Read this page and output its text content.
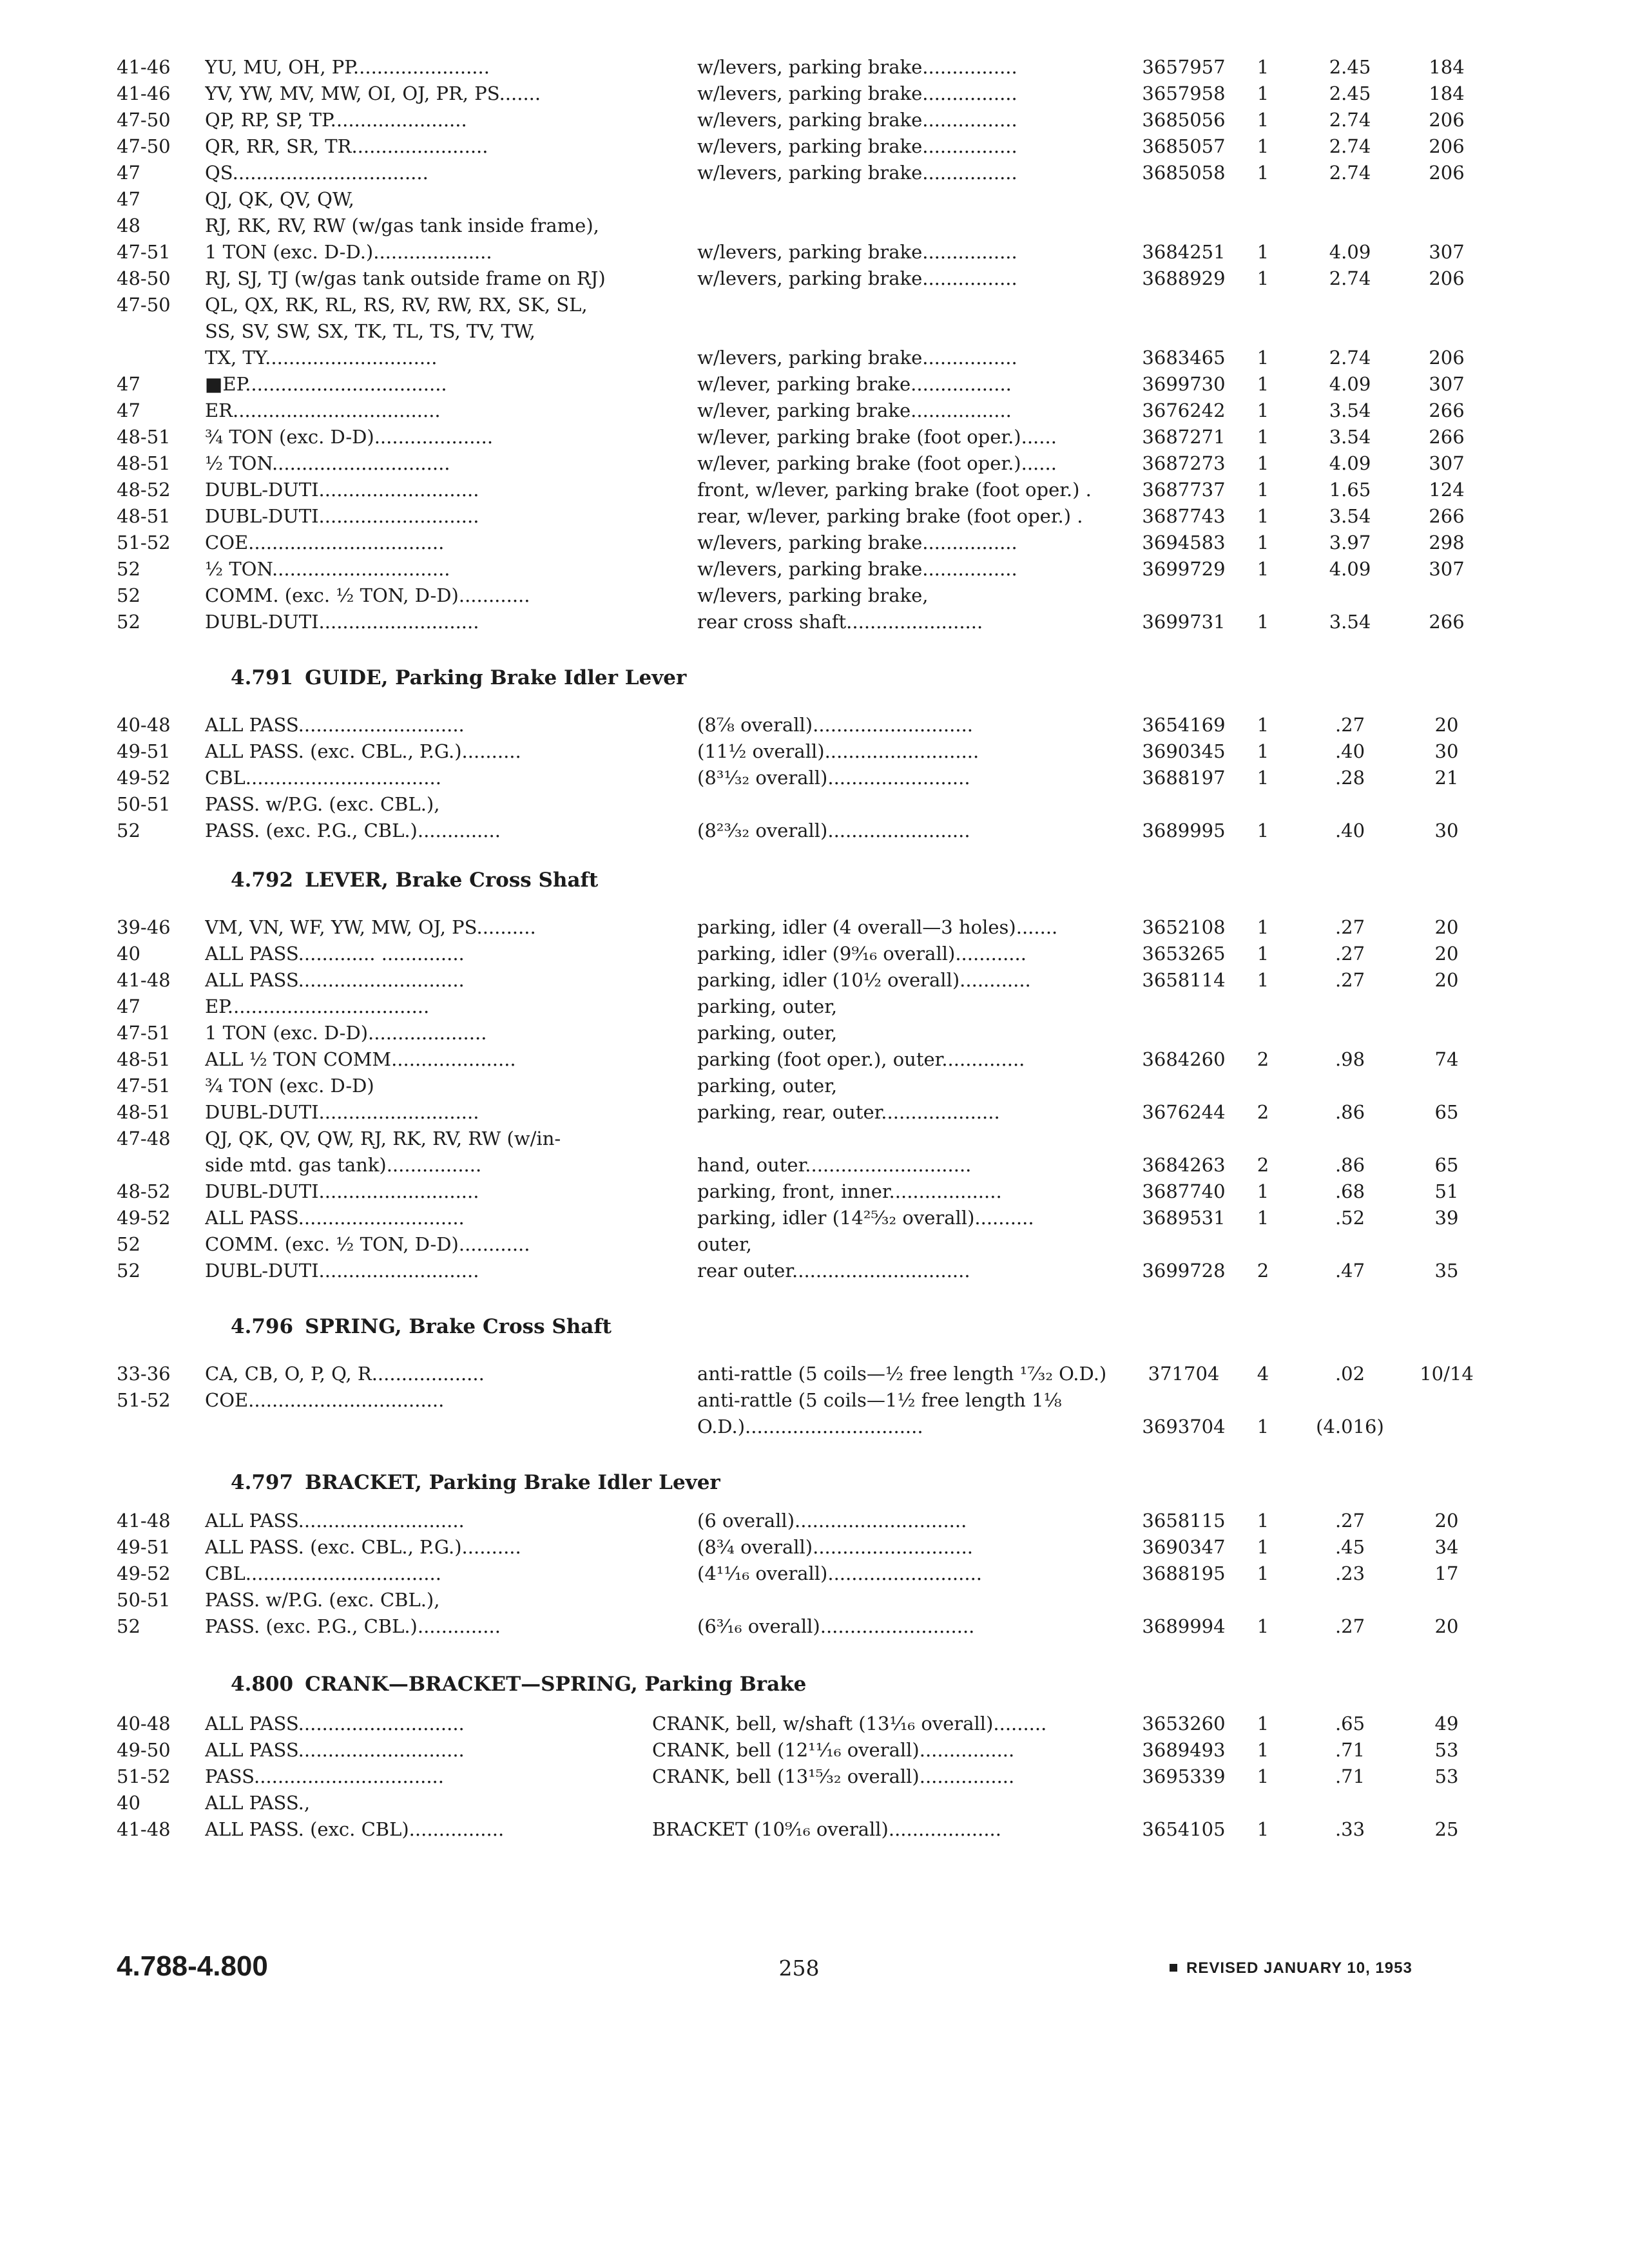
41-46	YU, MU, OH, PP.......................	w/levers, parking brake................	3657957	1	2.45	184
41-46	YV, YW, MV, MW, OI, OJ, PR, PS.......	w/levers, parking brake................	3657958	1	2.45	184
47-50	QP, RP, SP, TP.......................	w/levers, parking brake................	3685056	1	2.74	206
47-50	QR, RR, SR, TR.......................	w/levers, parking brake................	3685057	1	2.74	206
47	QS.................................	w/levers, parking brake................	3685058	1	2.74	206
47	QJ, QK, QV, QW,
48	RJ, RK, RV, RW (w/gas tank inside frame),
47-51	1 TON (exc. D-D.)....................	w/levers, parking brake................	3684251	1	4.09	307
48-50	RJ, SJ, TJ (w/gas tank outside frame on RJ)	w/levers, parking brake................	3688929	1	2.74	206
47-50	QL, QX, RK, RL, RS, RV, RW, RX, SK, SL,
SS, SV, SW, SX, TK, TL, TS, TV, TW,
TX, TY.............................	w/levers, parking brake................	3683465	1	2.74	206
47	■EP..................................	w/lever, parking brake.................	3699730	1	4.09	307
47	ER...................................	w/lever, parking brake.................	3676242	1	3.54	266
48-51	¾ TON (exc. D-D)....................	w/lever, parking brake (foot oper.)......	3687271	1	3.54	266
48-51	½ TON..............................	w/lever, parking brake (foot oper.)......	3687273	1	4.09	307
48-52	DUBL-DUTI...........................	front, w/lever, parking brake (foot oper.) .	3687737	1	1.65	124
48-51	DUBL-DUTI...........................	rear, w/lever, parking brake (foot oper.) .	3687743	1	3.54	266
51-52	COE.................................	w/levers, parking brake................	3694583	1	3.97	298
52	½ TON..............................	w/levers, parking brake................	3699729	1	4.09	307
52	COMM. (exc. ½ TON, D-D)............	w/levers, parking brake,
52	DUBL-DUTI...........................	rear cross shaft.......................	3699731	1	3.54	266
4.791 GUIDE, Parking Brake Idler Lever
40-48	ALL PASS............................	(8⅞ overall)...........................	3654169	1	.27	20
49-51	ALL PASS. (exc. CBL., P.G.)..........	(11½ overall)..........................	3690345	1	.40	30
49-52	CBL.................................	(8³¹⁄₃₂ overall)........................	3688197	1	.28	21
50-51	PASS. w/P.G. (exc. CBL.),
52	PASS. (exc. P.G., CBL.)..............	(8²³⁄₃₂ overall)........................	3689995	1	.40	30
4.792 LEVER, Brake Cross Shaft
39-46	VM, VN, WF, YW, MW, OJ, PS..........	parking, idler (4 overall—3 holes).......	3652108	1	.27	20
40	ALL PASS............. ..............	parking, idler (9⁹⁄₁₆ overall)............	3653265	1	.27	20
41-48	ALL PASS............................	parking, idler (10½ overall)............	3658114	1	.27	20
47	EP..................................	parking, outer,
47-51	1 TON (exc. D-D)....................	parking, outer,
48-51	ALL ½ TON COMM.....................	parking (foot oper.), outer..............	3684260	2	.98	74
47-51	¾ TON (exc. D-D)	parking, outer,
48-51	DUBL-DUTI...........................	parking, rear, outer....................	3676244	2	.86	65
47-48	QJ, QK, QV, QW, RJ, RK, RV, RW (w/in-
side mtd. gas tank)................	hand, outer............................	3684263	2	.86	65
48-52	DUBL-DUTI...........................	parking, front, inner...................	3687740	1	.68	51
49-52	ALL PASS............................	parking, idler (14²⁵⁄₃₂ overall)..........	3689531	1	.52	39
52	COMM. (exc. ½ TON, D-D)............	outer,
52	DUBL-DUTI...........................	rear outer..............................	3699728	2	.47	35
4.796 SPRING, Brake Cross Shaft
33-36	CA, CB, O, P, Q, R...................	anti-rattle (5 coils—½ free length ¹⁷⁄₃₂ O.D.)	371704	4	.02	10/14
51-52	COE.................................	anti-rattle (5 coils—1½ free length 1⅛
O.D.)..............................	3693704	1	(4.016)
4.797 BRACKET, Parking Brake Idler Lever
41-48	ALL PASS............................	(6 overall).............................	3658115	1	.27	20
49-51	ALL PASS. (exc. CBL., P.G.)..........	(8¾ overall)...........................	3690347	1	.45	34
49-52	CBL.................................	(4¹¹⁄₁₆ overall)..........................	3688195	1	.23	17
50-51	PASS. w/P.G. (exc. CBL.),
52	PASS. (exc. P.G., CBL.)..............	(6³⁄₁₆ overall)..........................	3689994	1	.27	20
4.800 CRANK—BRACKET—SPRING, Parking Brake
40-48	ALL PASS............................	CRANK, bell, w/shaft (13⅟₁₆ overall).........	3653260	1	.65	49
49-50	ALL PASS............................	CRANK, bell (12¹¹⁄₁₆ overall)................	3689493	1	.71	53
51-52	PASS................................	CRANK, bell (13¹⁵⁄₃₂ overall)................	3695339	1	.71	53
40	ALL PASS.,
41-48	ALL PASS. (exc. CBL)................	BRACKET (10⁹⁄₁₆ overall)...................	3654105	1	.33	25
4.788-4.800	258	REVISED JANUARY 10, 1953
